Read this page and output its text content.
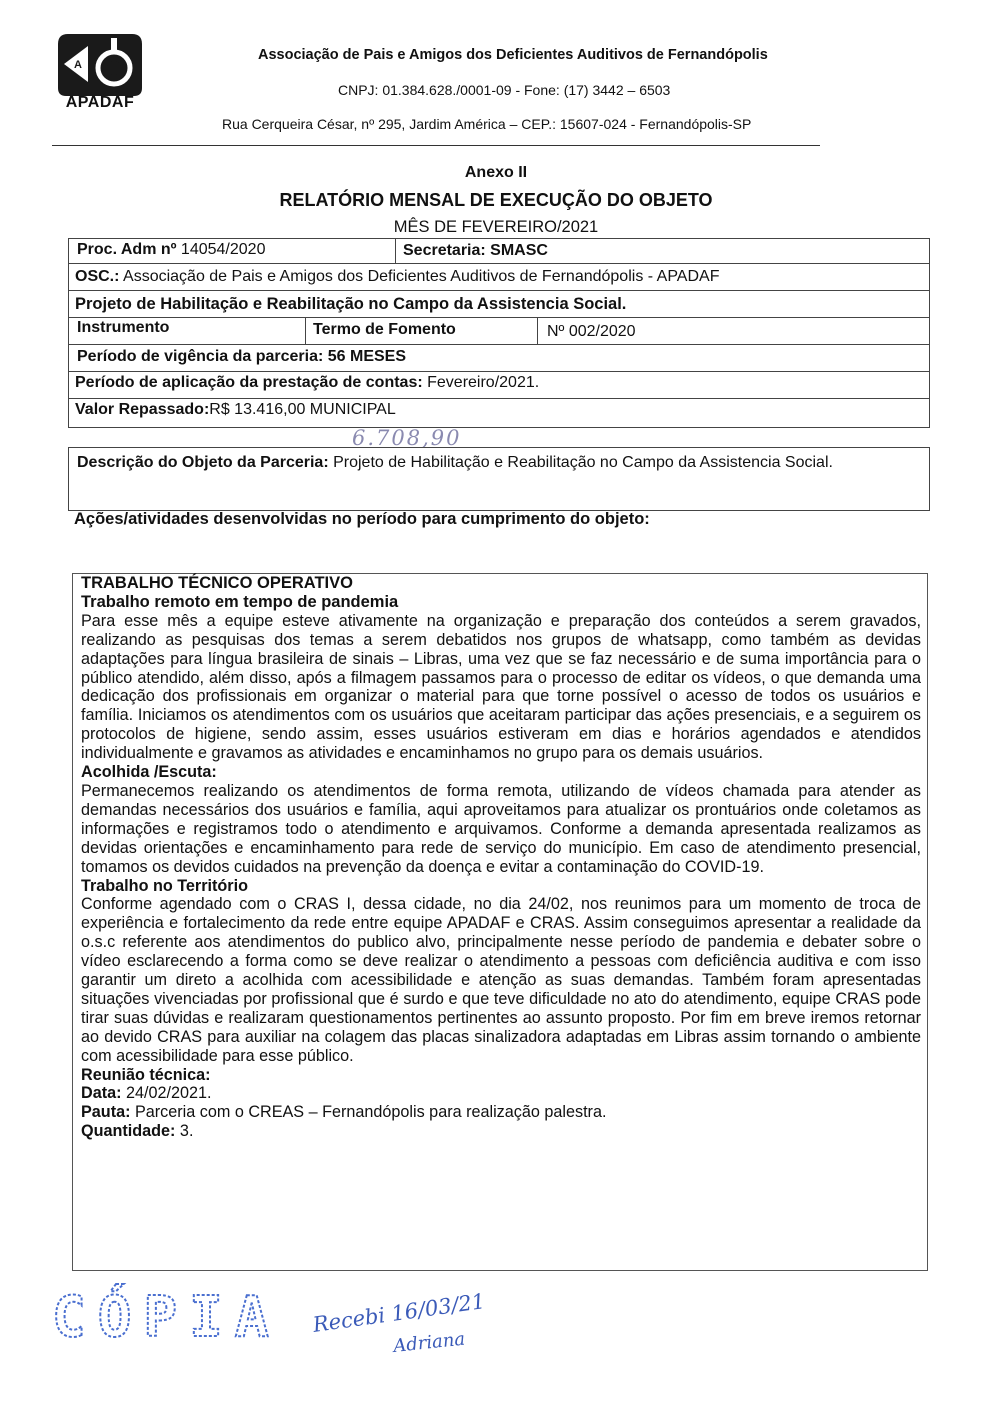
A
APADAF
Associação de Pais e Amigos dos Deficientes Auditivos de Fernandópolis
CNPJ: 01.384.628./0001-09 - Fone: (17) 3442 – 6503
Rua Cerqueira César, nº 295, Jardim América – CEP.: 15607-024 - Fernandópolis-SP
Anexo II
RELATÓRIO MENSAL DE EXECUÇÃO DO OBJETO
MÊS DE FEVEREIRO/2021
Proc. Adm nº 14054/2020	Secretaria: SMASC
OSC.: Associação de Pais e Amigos dos Deficientes Auditivos de Fernandópolis - APADAF
Projeto de Habilitação e Reabilitação no Campo da Assistencia Social.
Instrumento	Termo de Fomento	Nº 002/2020
Período de vigência da parceria: 56 MESES
Período de aplicação da prestação de contas: Fevereiro/2021.
Valor Repassado:R$ 13.416,00 MUNICIPAL
6.708,90
Descrição do Objeto da Parceria: Projeto de Habilitação e Reabilitação no Campo da Assistencia Social.
Ações/atividades desenvolvidas no período para cumprimento do objeto:

TRABALHO TÉCNICO OPERATIVO

Trabalho remoto em tempo de pandemia

Para esse mês a equipe esteve ativamente na organização e preparação dos conteúdos a serem gravados, realizando as pesquisas dos temas a serem debatidos nos grupos de whatsapp, como também as devidas adaptações para língua brasileira de sinais – Libras, uma vez que se faz necessário e de suma importância para o público atendido, além disso, após a filmagem passamos para o processo de editar os vídeos, o que demanda uma dedicação dos profissionais em organizar o material para que torne possível o acesso de todos os usuários e família. Iniciamos os atendimentos com os usuários que aceitaram participar das ações presenciais, e a seguirem os protocolos de higiene, sendo assim, esses usuários estiveram em dias e horários agendados e atendidos individualmente e gravamos as atividades e encaminhamos no grupo para os demais usuários.

Acolhida /Escuta:

Permanecemos realizando os atendimentos de forma remota, utilizando de vídeos chamada para atender as demandas necessários dos usuários e família, aqui aproveitamos para atualizar os prontuários onde coletamos as informações e registramos todo o atendimento e arquivamos. Conforme a demanda apresentada realizamos as devidas orientações e encaminhamento para rede de serviço do município. Em caso de atendimento presencial, tomamos os devidos cuidados na prevenção da doença e evitar a contaminação do COVID-19.

Trabalho no Território

Conforme agendado com o CRAS I, dessa cidade, no dia 24/02, nos reunimos para um momento de troca de experiência e fortalecimento da rede entre equipe APADAF e CRAS. Assim conseguimos apresentar a realidade da o.s.c referente aos atendimentos do publico alvo, principalmente nesse período de pandemia e debater sobre o vídeo esclarecendo a forma como se deve realizar o atendimento a pessoas com deficiência auditiva e com isso garantir um direto a acolhida com acessibilidade e atenção as suas demandas. Também foram apresentadas situações vivenciadas por profissional que é surdo e que teve dificuldade no ato do atendimento, equipe CRAS pode tirar suas dúvidas e realizaram questionamentos pertinentes ao assunto proposto. Por fim em breve iremos retornar ao devido CRAS para auxiliar na colagem das placas sinalizadora adaptadas em Libras assim tornando o ambiente com acessibilidade para esse público.

Reunião técnica:

Data: 24/02/2021.

Pauta: Parceria com o CREAS – Fernandópolis para realização palestra.

Quantidade: 3.

CÓPIA Recebi 16/03/21
Adriana
